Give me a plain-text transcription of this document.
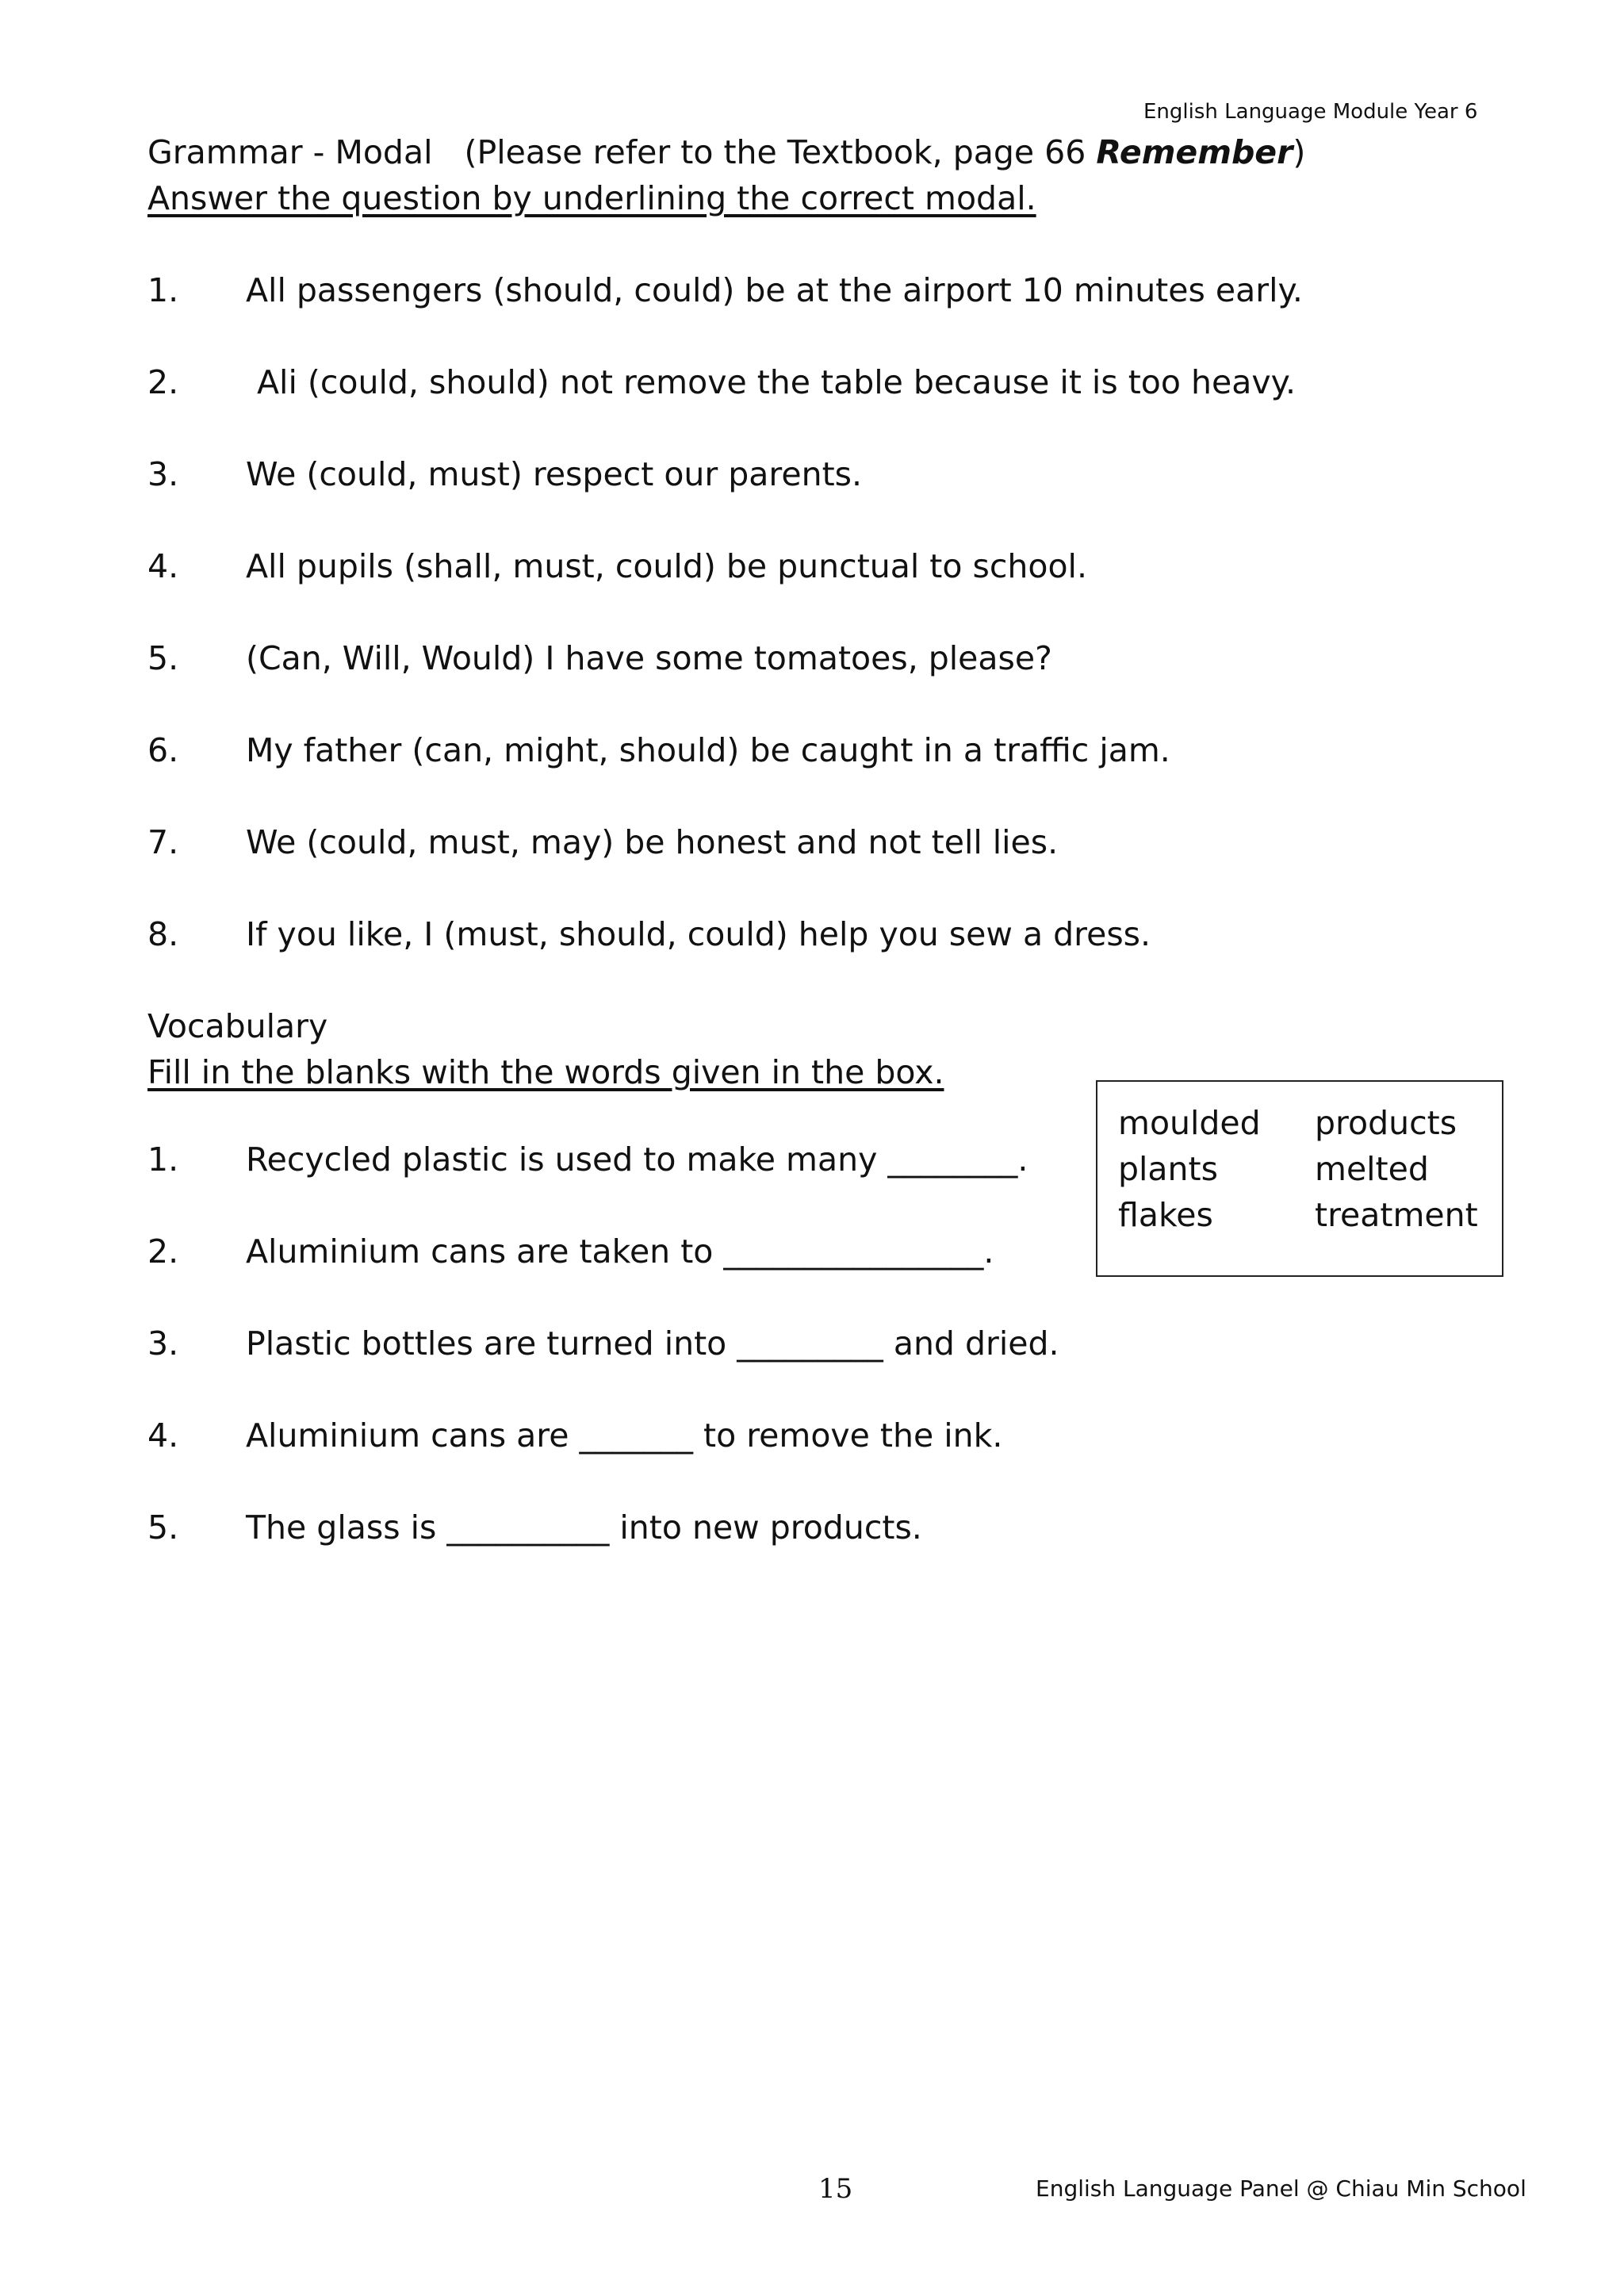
English Language Module Year 6
Grammar - Modal (Please refer to the Textbook, page 66 Remember)
Answer the question by underlining the correct modal.
1. All passengers (should, could) be at the airport 10 minutes early.
2. Ali (could, should) not remove the table because it is too heavy.
3. We (could, must) respect our parents.
4. All pupils (shall, must, could) be punctual to school.
5. (Can, Will, Would) I have some tomatoes, please?
6. My father (can, might, should) be caught in a traffic jam.
7. We (could, must, may) be honest and not tell lies.
8. If you like, I (must, should, could) help you sew a dress.
Vocabulary
Fill in the blanks with the words given in the box.
moulded
plants
flakes
products
melted
treatment
1. Recycled plastic is used to make many ________.
2. Aluminium cans are taken to ________________.
3. Plastic bottles are turned into _________ and dried.
4. Aluminium cans are _______ to remove the ink.
5. The glass is __________ into new products.
15	English Language Panel @ Chiau Min School
